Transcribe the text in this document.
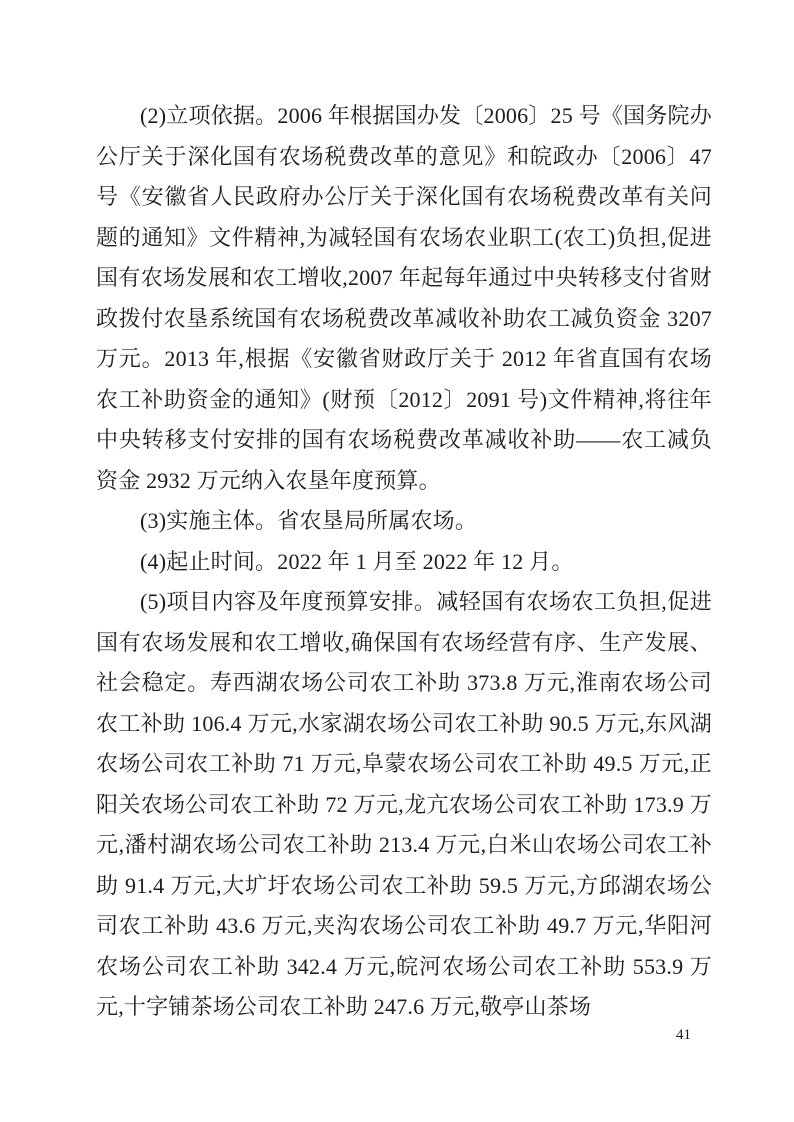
(2)立项依据。2006 年根据国办发〔2006〕25 号《国务院办公厅关于深化国有农场税费改革的意见》和皖政办〔2006〕47 号《安徽省人民政府办公厅关于深化国有农场税费改革有关问题的通知》文件精神,为减轻国有农场农业职工(农工)负担,促进国有农场发展和农工增收,2007 年起每年通过中央转移支付省财政拨付农垦系统国有农场税费改革减收补助农工减负资金 3207 万元。2013 年,根据《安徽省财政厅关于 2012 年省直国有农场农工补助资金的通知》(财预〔2012〕2091 号)文件精神,将往年中央转移支付安排的国有农场税费改革减收补助——农工减负资金 2932 万元纳入农垦年度预算。

(3)实施主体。省农垦局所属农场。

(4)起止时间。2022 年 1 月至 2022 年 12 月。

(5)项目内容及年度预算安排。减轻国有农场农工负担,促进国有农场发展和农工增收,确保国有农场经营有序、生产发展、社会稳定。寿西湖农场公司农工补助 373.8 万元,淮南农场公司农工补助 106.4 万元,水家湖农场公司农工补助 90.5 万元,东风湖农场公司农工补助 71 万元,阜蒙农场公司农工补助 49.5 万元,正阳关农场公司农工补助 72 万元,龙亢农场公司农工补助 173.9 万元,潘村湖农场公司农工补助 213.4 万元,白米山农场公司农工补助 91.4 万元,大圹圩农场公司农工补助 59.5 万元,方邱湖农场公司农工补助 43.6 万元,夹沟农场公司农工补助 49.7 万元,华阳河农场公司农工补助 342.4 万元,皖河农场公司农工补助 553.9 万元,十字铺茶场公司农工补助 247.6 万元,敬亭山茶场

41
